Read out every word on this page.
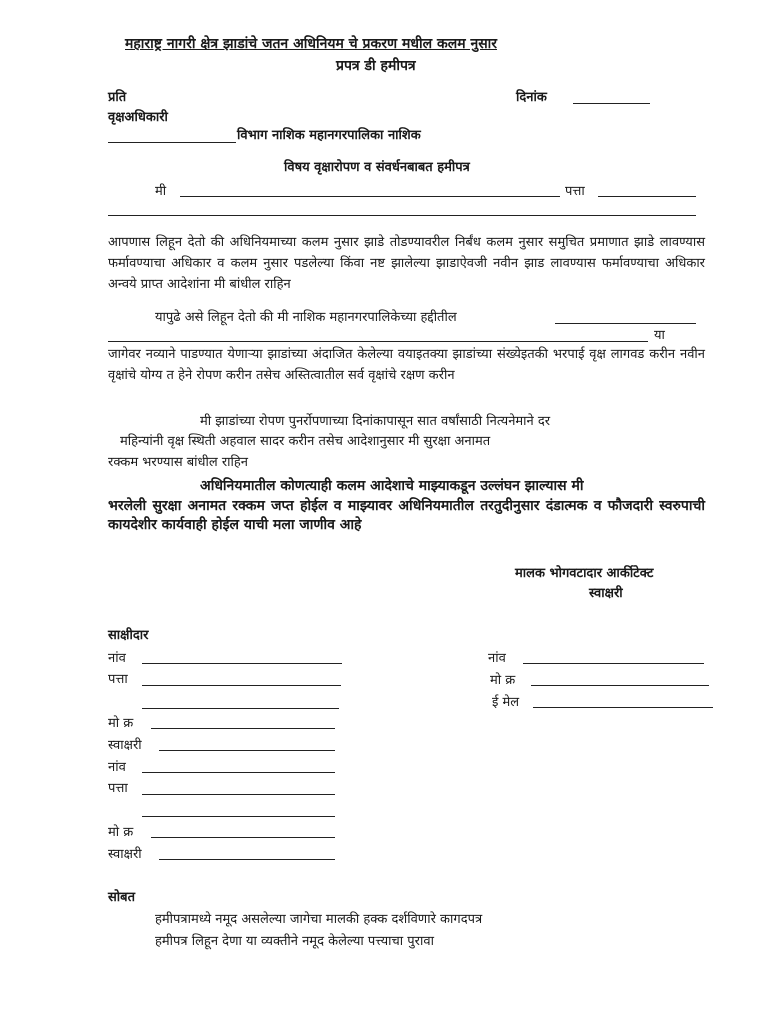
महाराष्ट्र नागरी क्षेत्र झाडांचे जतन अधिनियम चे प्रकरण मधील कलम नुसार
प्रपत्र डी हमीपत्र
प्रति	दिनांक
वृक्षअधिकारी
विभाग नाशिक महानगरपालिका नाशिक
विषय वृक्षारोपण व संवर्धनबाबत हमीपत्र
मी	पत्ता
आपणास लिहून देतो की अधिनियमाच्या कलम नुसार झाडे तोडण्यावरील निर्बंध कलम नुसार समुचित प्रमाणात झाडे लावण्यास फर्मावण्याचा अधिकार व कलम नुसार पडलेल्या किंवा नष्ट झालेल्या झाडाऐवजी नवीन झाड लावण्यास फर्मावण्याचा अधिकार अन्वये प्राप्त आदेशांना मी बांधील राहिन
यापुढे असे लिहून देतो की मी नाशिक महानगरपालिकेच्या हद्दीतील
या
जागेवर नव्याने पाडण्यात येणाऱ्या झाडांच्या अंदाजित केलेल्या वयाइतक्या झाडांच्या संख्येइतकी भरपाई वृक्ष लागवड करीन नवीन वृक्षांचे योग्य त हेने रोपण करीन तसेच अस्तित्वातील सर्व वृक्षांचे रक्षण करीन
मी झाडांच्या रोपण पुनर्रोपणाच्या दिनांकापासून सात वर्षांसाठी नित्यनेमाने दर
महिन्यांनी वृक्ष स्थिती अहवाल सादर करीन तसेच आदेशानुसार मी सुरक्षा अनामत
रक्कम भरण्यास बांधील राहिन
अधिनियमातील कोणत्याही कलम आदेशाचे माझ्याकडून उल्लंघन झाल्यास मी
भरलेली सुरक्षा अनामत रक्कम जप्त होईल व माझ्यावर अधिनियमातील तरतुदीनुसार दंडात्मक व फौजदारी स्वरुपाची कायदेशीर कार्यवाही होईल याची मला जाणीव आहे
मालक भोगवटादार आर्कीटेक्ट
स्वाक्षरी
साक्षीदार
नांव
पत्ता
मो क्र
स्वाक्षरी
नांव
पत्ता
मो क्र
स्वाक्षरी
नांव
मो क्र
ई मेल
सोबत
हमीपत्रामध्ये नमूद असलेल्या जागेचा मालकी हक्क दर्शविणारे कागदपत्र
हमीपत्र लिहून देणा या व्यक्तीने नमूद केलेल्या पत्त्याचा पुरावा
